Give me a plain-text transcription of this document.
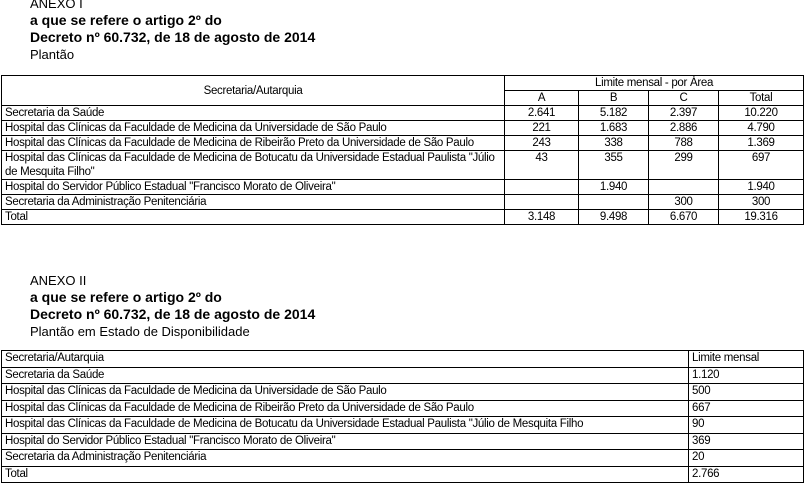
ANEXO I
a que se refere o artigo 2º do
Decreto nº 60.732, de 18 de agosto de 2014
Plantão
Secretaria/Autarquia	Limite mensal - por Área			
	A	B	C	Total
Secretaria da Saúde	2.641	5.182	2.397	10.220
Hospital das Clínicas da Faculdade de Medicina da Universidade de São Paulo	221	1.683	2.886	4.790
Hospital das Clínicas da Faculdade de Medicina de Ribeirão Preto da Universidade de São Paulo	243	338	788	1.369
Hospital das Clínicas da Faculdade de Medicina de Botucatu da Universidade Estadual Paulista "Júlio de Mesquita Filho"	43	355	299	697
Hospital do Servidor Público Estadual "Francisco Morato de Oliveira"		1.940		1.940
Secretaria da Administração Penitenciária			300	300
Total	3.148	9.498	6.670	19.316
ANEXO II
a que se refere o artigo 2º do
Decreto nº 60.732, de 18 de agosto de 2014
Plantão em Estado de Disponibilidade
Secretaria/Autarquia	Limite mensal
Secretaria da Saúde	1.120
Hospital das Clínicas da Faculdade de Medicina da Universidade de São Paulo	500
Hospital das Clínicas da Faculdade de Medicina de Ribeirão Preto da Universidade de São Paulo	667
Hospital das Clínicas da Faculdade de Medicina de Botucatu da Universidade Estadual Paulista "Júlio de Mesquita Filho	90
Hospital do Servidor Público Estadual "Francisco Morato de Oliveira"	369
Secretaria da Administração Penitenciária	20
Total	2.766
